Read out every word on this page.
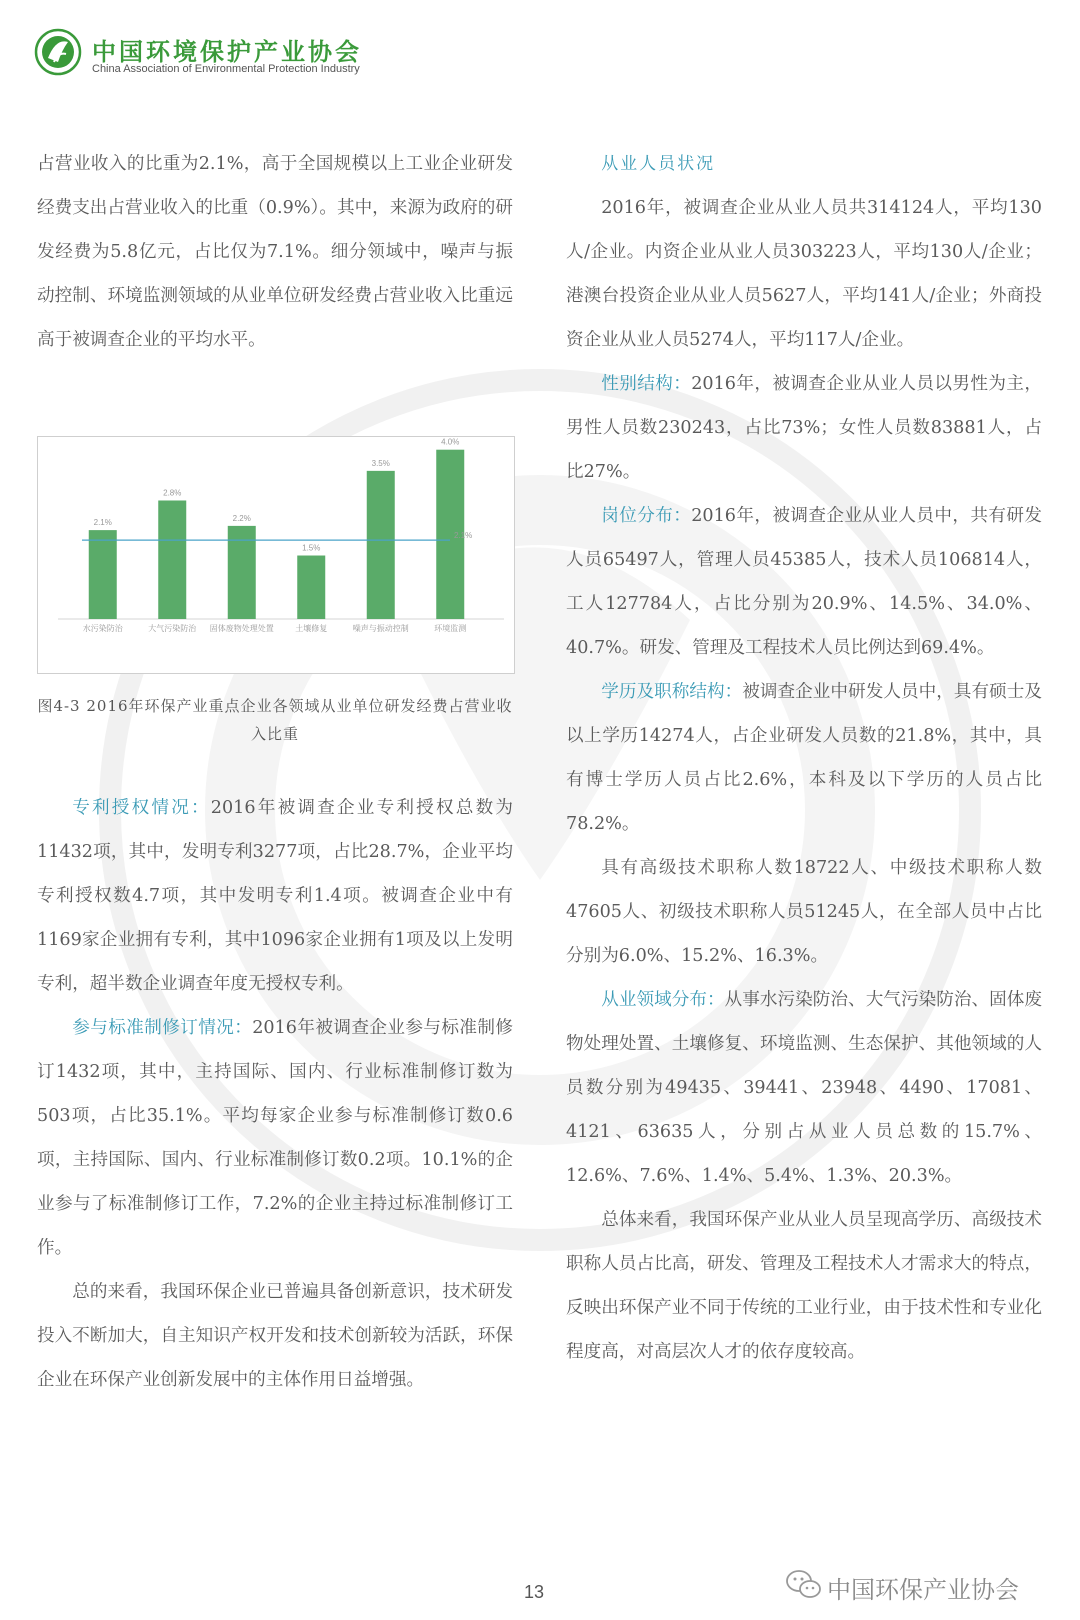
中国环境保护产业协会
China Association of Environmental Protection Industry

占营业收入的比重为2.1%，高于全国规模以上工业企业研发经费支出占营业收入的比重（0.9%）。其中，来源为政府的研发经费为5.8亿元，占比仅为7.1%。细分领域中，噪声与振动控制、环境监测领域的从业单位研发经费占营业收入比重远高于被调查企业的平均水平。

2.1%
水污染防治
2.8%
大气污染防治
2.2%
固体废物处理处置
1.5%
土壤修复
3.5%
噪声与振动控制
4.0%
环境监测
2.1%
图4-3 2016年环保产业重点企业各领域从业单位研发经费占营业收入比重

专利授权情况：2016年被调查企业专利授权总数为11432项，其中，发明专利3277项，占比28.7%，企业平均专利授权数4.7项，其中发明专利1.4项。被调查企业中有1169家企业拥有专利，其中1096家企业拥有1项及以上发明专利，超半数企业调查年度无授权专利。

参与标准制修订情况：2016年被调查企业参与标准制修订1432项，其中，主持国际、国内、行业标准制修订数为503项，占比35.1%。平均每家企业参与标准制修订数0.6项，主持国际、国内、行业标准制修订数0.2项。10.1%的企业参与了标准制修订工作，7.2%的企业主持过标准制修订工作。

总的来看，我国环保企业已普遍具备创新意识，技术研发投入不断加大，自主知识产权开发和技术创新较为活跃，环保企业在环保产业创新发展中的主体作用日益增强。

从业人员状况

2016年，被调查企业从业人员共314124人，平均130人/企业。内资企业从业人员303223人，平均130人/企业；港澳台投资企业从业人员5627人，平均141人/企业；外商投资企业从业人员5274人，平均117人/企业。

性别结构：2016年，被调查企业从业人员以男性为主，男性人员数230243，占比73%；女性人员数83881人，占比27%。

岗位分布：2016年，被调查企业从业人员中，共有研发人员65497人，管理人员45385人，技术人员106814人，工人127784人，占比分别为20.9%、14.5%、34.0%、40.7%。研发、管理及工程技术人员比例达到69.4%。

学历及职称结构：被调查企业中研发人员中，具有硕士及以上学历14274人，占企业研发人员数的21.8%，其中，具有博士学历人员占比2.6%，本科及以下学历的人员占比78.2%。

具有高级技术职称人数18722人、中级技术职称人数47605人、初级技术职称人员51245人，在全部人员中占比分别为6.0%、15.2%、16.3%。

从业领域分布：从事水污染防治、大气污染防治、固体废物处理处置、土壤修复、环境监测、生态保护、其他领域的人员数分别为49435、39441、23948、4490、17081、4121、63635人，分别占从业人员总数的15.7%、12.6%、7.6%、1.4%、5.4%、1.3%、20.3%。

总体来看，我国环保产业从业人员呈现高学历、高级技术职称人员占比高，研发、管理及工程技术人才需求大的特点，反映出环保产业不同于传统的工业行业，由于技术性和专业化程度高，对高层次人才的依存度较高。

13	中国环保产业协会
